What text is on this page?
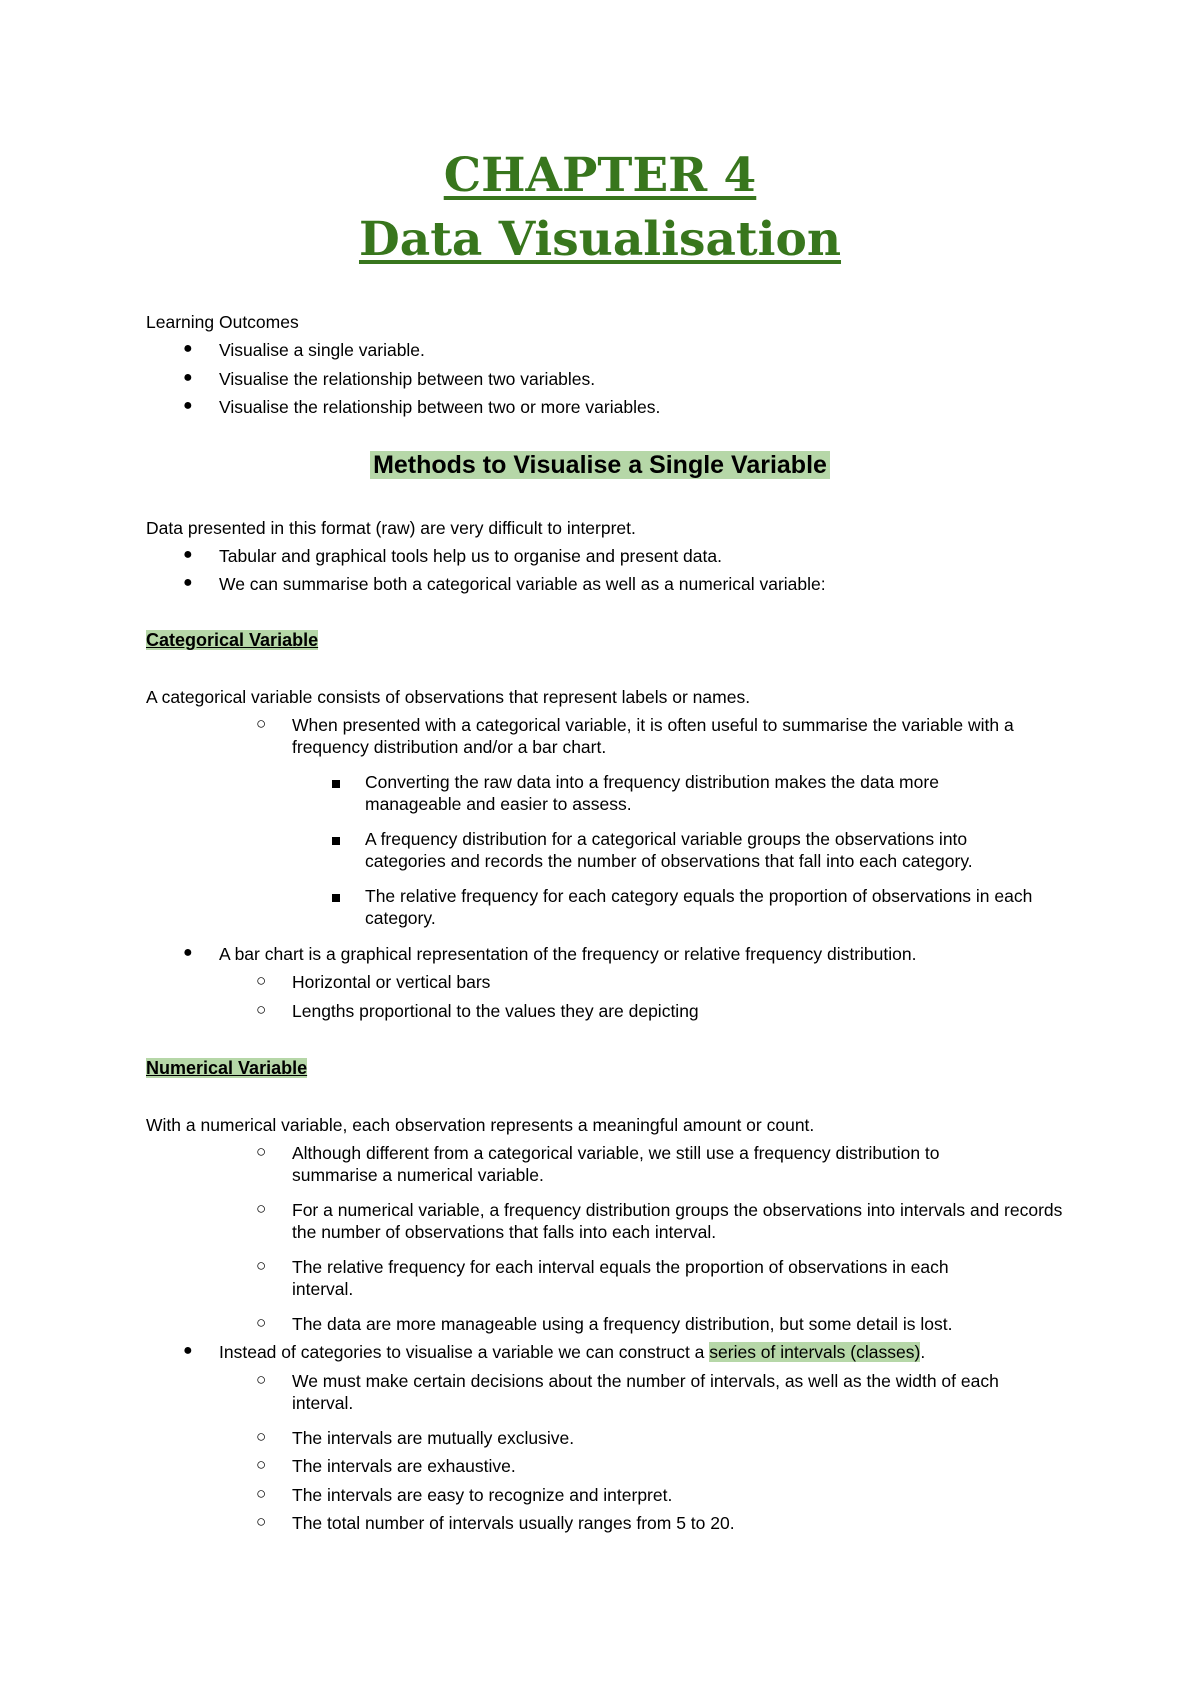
CHAPTER 4
Data Visualisation
Learning Outcomes
● Visualise a single variable.
● Visualise the relationship between two variables.
● Visualise the relationship between two or more variables.
Methods to Visualise a Single Variable
Data presented in this format (raw) are very difficult to interpret.
● Tabular and graphical tools help us to organise and present data.
● We can summarise both a categorical variable as well as a numerical variable:
Categorical Variable
A categorical variable consists of observations that represent labels or names.
○ When presented with a categorical variable, it is often useful to summarise the variable with a frequency distribution and/or a bar chart.
Converting the raw data into a frequency distribution makes the data more manageable and easier to assess.
A frequency distribution for a categorical variable groups the observations into categories and records the number of observations that fall into each category.
The relative frequency for each category equals the proportion of observations in each category.
● A bar chart is a graphical representation of the frequency or relative frequency distribution.
○ Horizontal or vertical bars
○ Lengths proportional to the values they are depicting
Numerical Variable
With a numerical variable, each observation represents a meaningful amount or count.
○ Although different from a categorical variable, we still use a frequency distribution to summarise a numerical variable.
○ For a numerical variable, a frequency distribution groups the observations into intervals and records the number of observations that falls into each interval.
○ The relative frequency for each interval equals the proportion of observations in each interval.
○ The data are more manageable using a frequency distribution, but some detail is lost.
● Instead of categories to visualise a variable we can construct a series of intervals (classes).
○ We must make certain decisions about the number of intervals, as well as the width of each interval.
○ The intervals are mutually exclusive.
○ The intervals are exhaustive.
○ The intervals are easy to recognize and interpret.
○ The total number of intervals usually ranges from 5 to 20.
